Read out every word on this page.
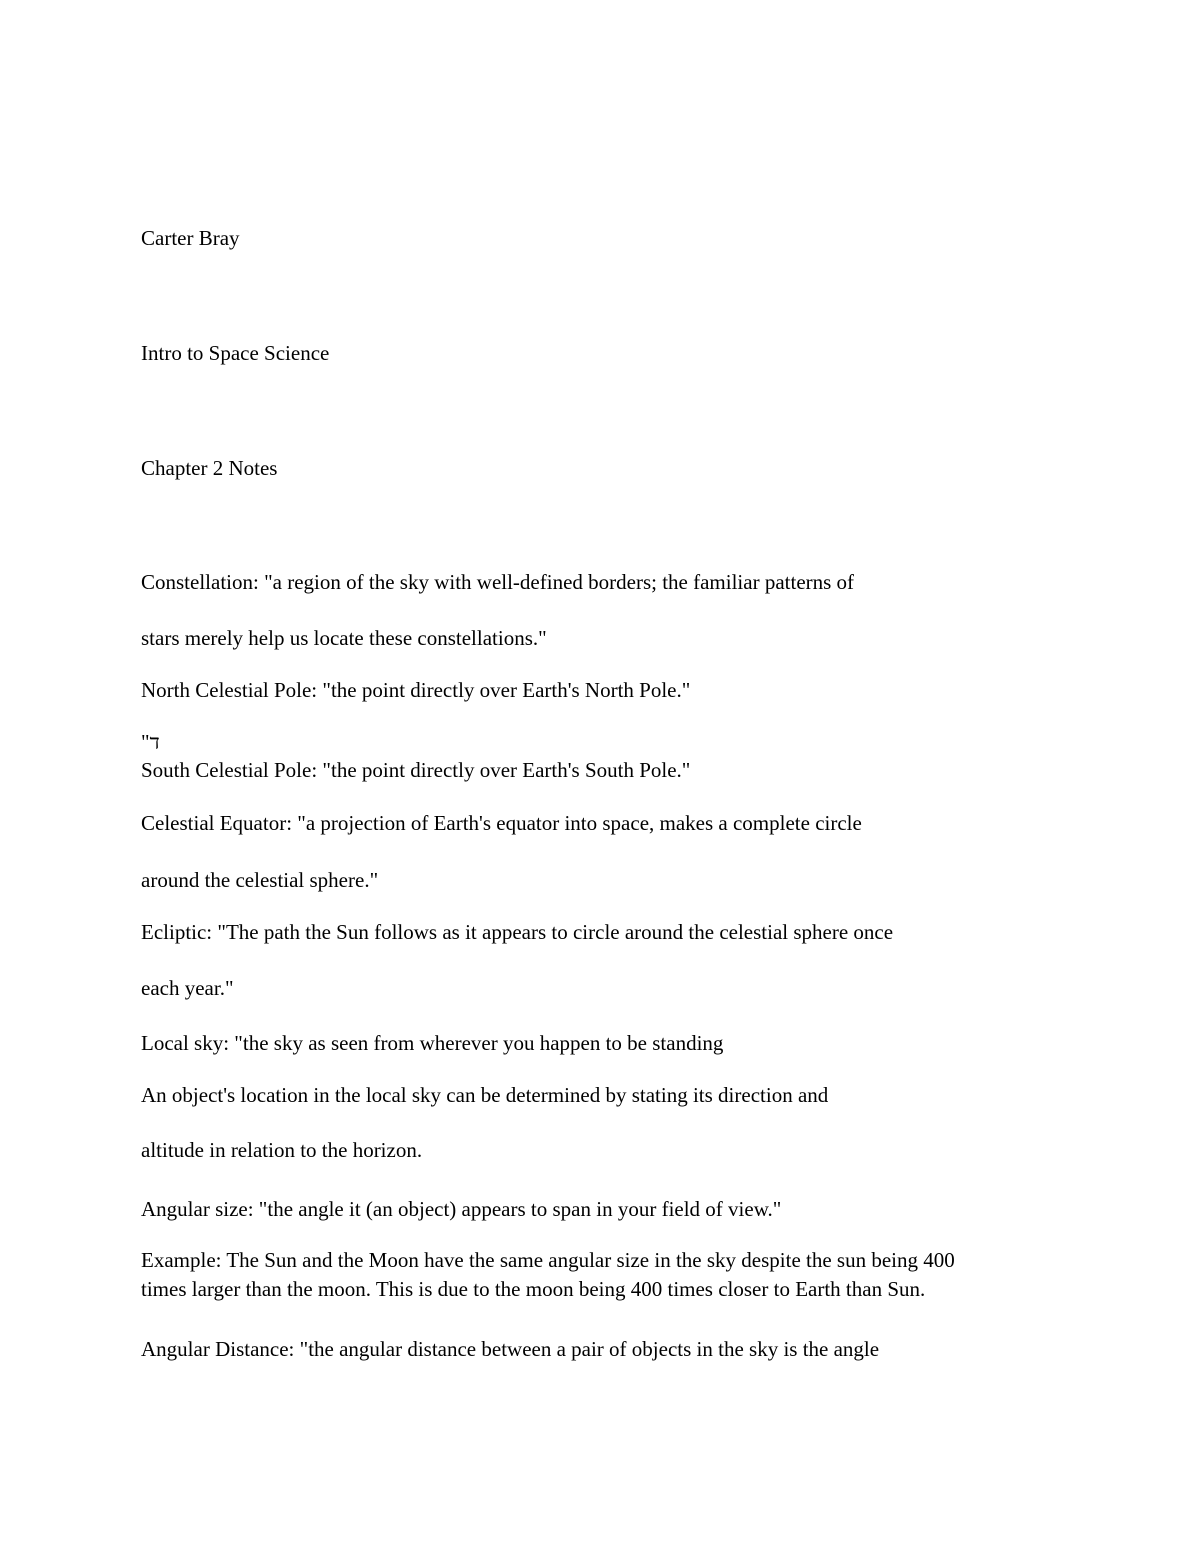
Carter Bray

Intro to Space Science

Chapter 2 Notes

Constellation: "a region of the sky with well-defined borders; the familiar patterns of

stars merely help us locate these constellations."

North Celestial Pole: "the point directly over Earth's North Pole."

"ד

South Celestial Pole: "the point directly over Earth's South Pole."

Celestial Equator: "a projection of Earth's equator into space, makes a complete circle

around the celestial sphere."

Ecliptic: "The path the Sun follows as it appears to circle around the celestial sphere once

each year."

Local sky: "the sky as seen from wherever you happen to be standing

An object's location in the local sky can be determined by stating its direction and

altitude in relation to the horizon.

Angular size: "the angle it (an object) appears to span in your field of view."

Example: The Sun and the Moon have the same angular size in the sky despite the sun being 400

times larger than the moon. This is due to the moon being 400 times closer to Earth than Sun.

Angular Distance: "the angular distance between a pair of objects in the sky is the angle
